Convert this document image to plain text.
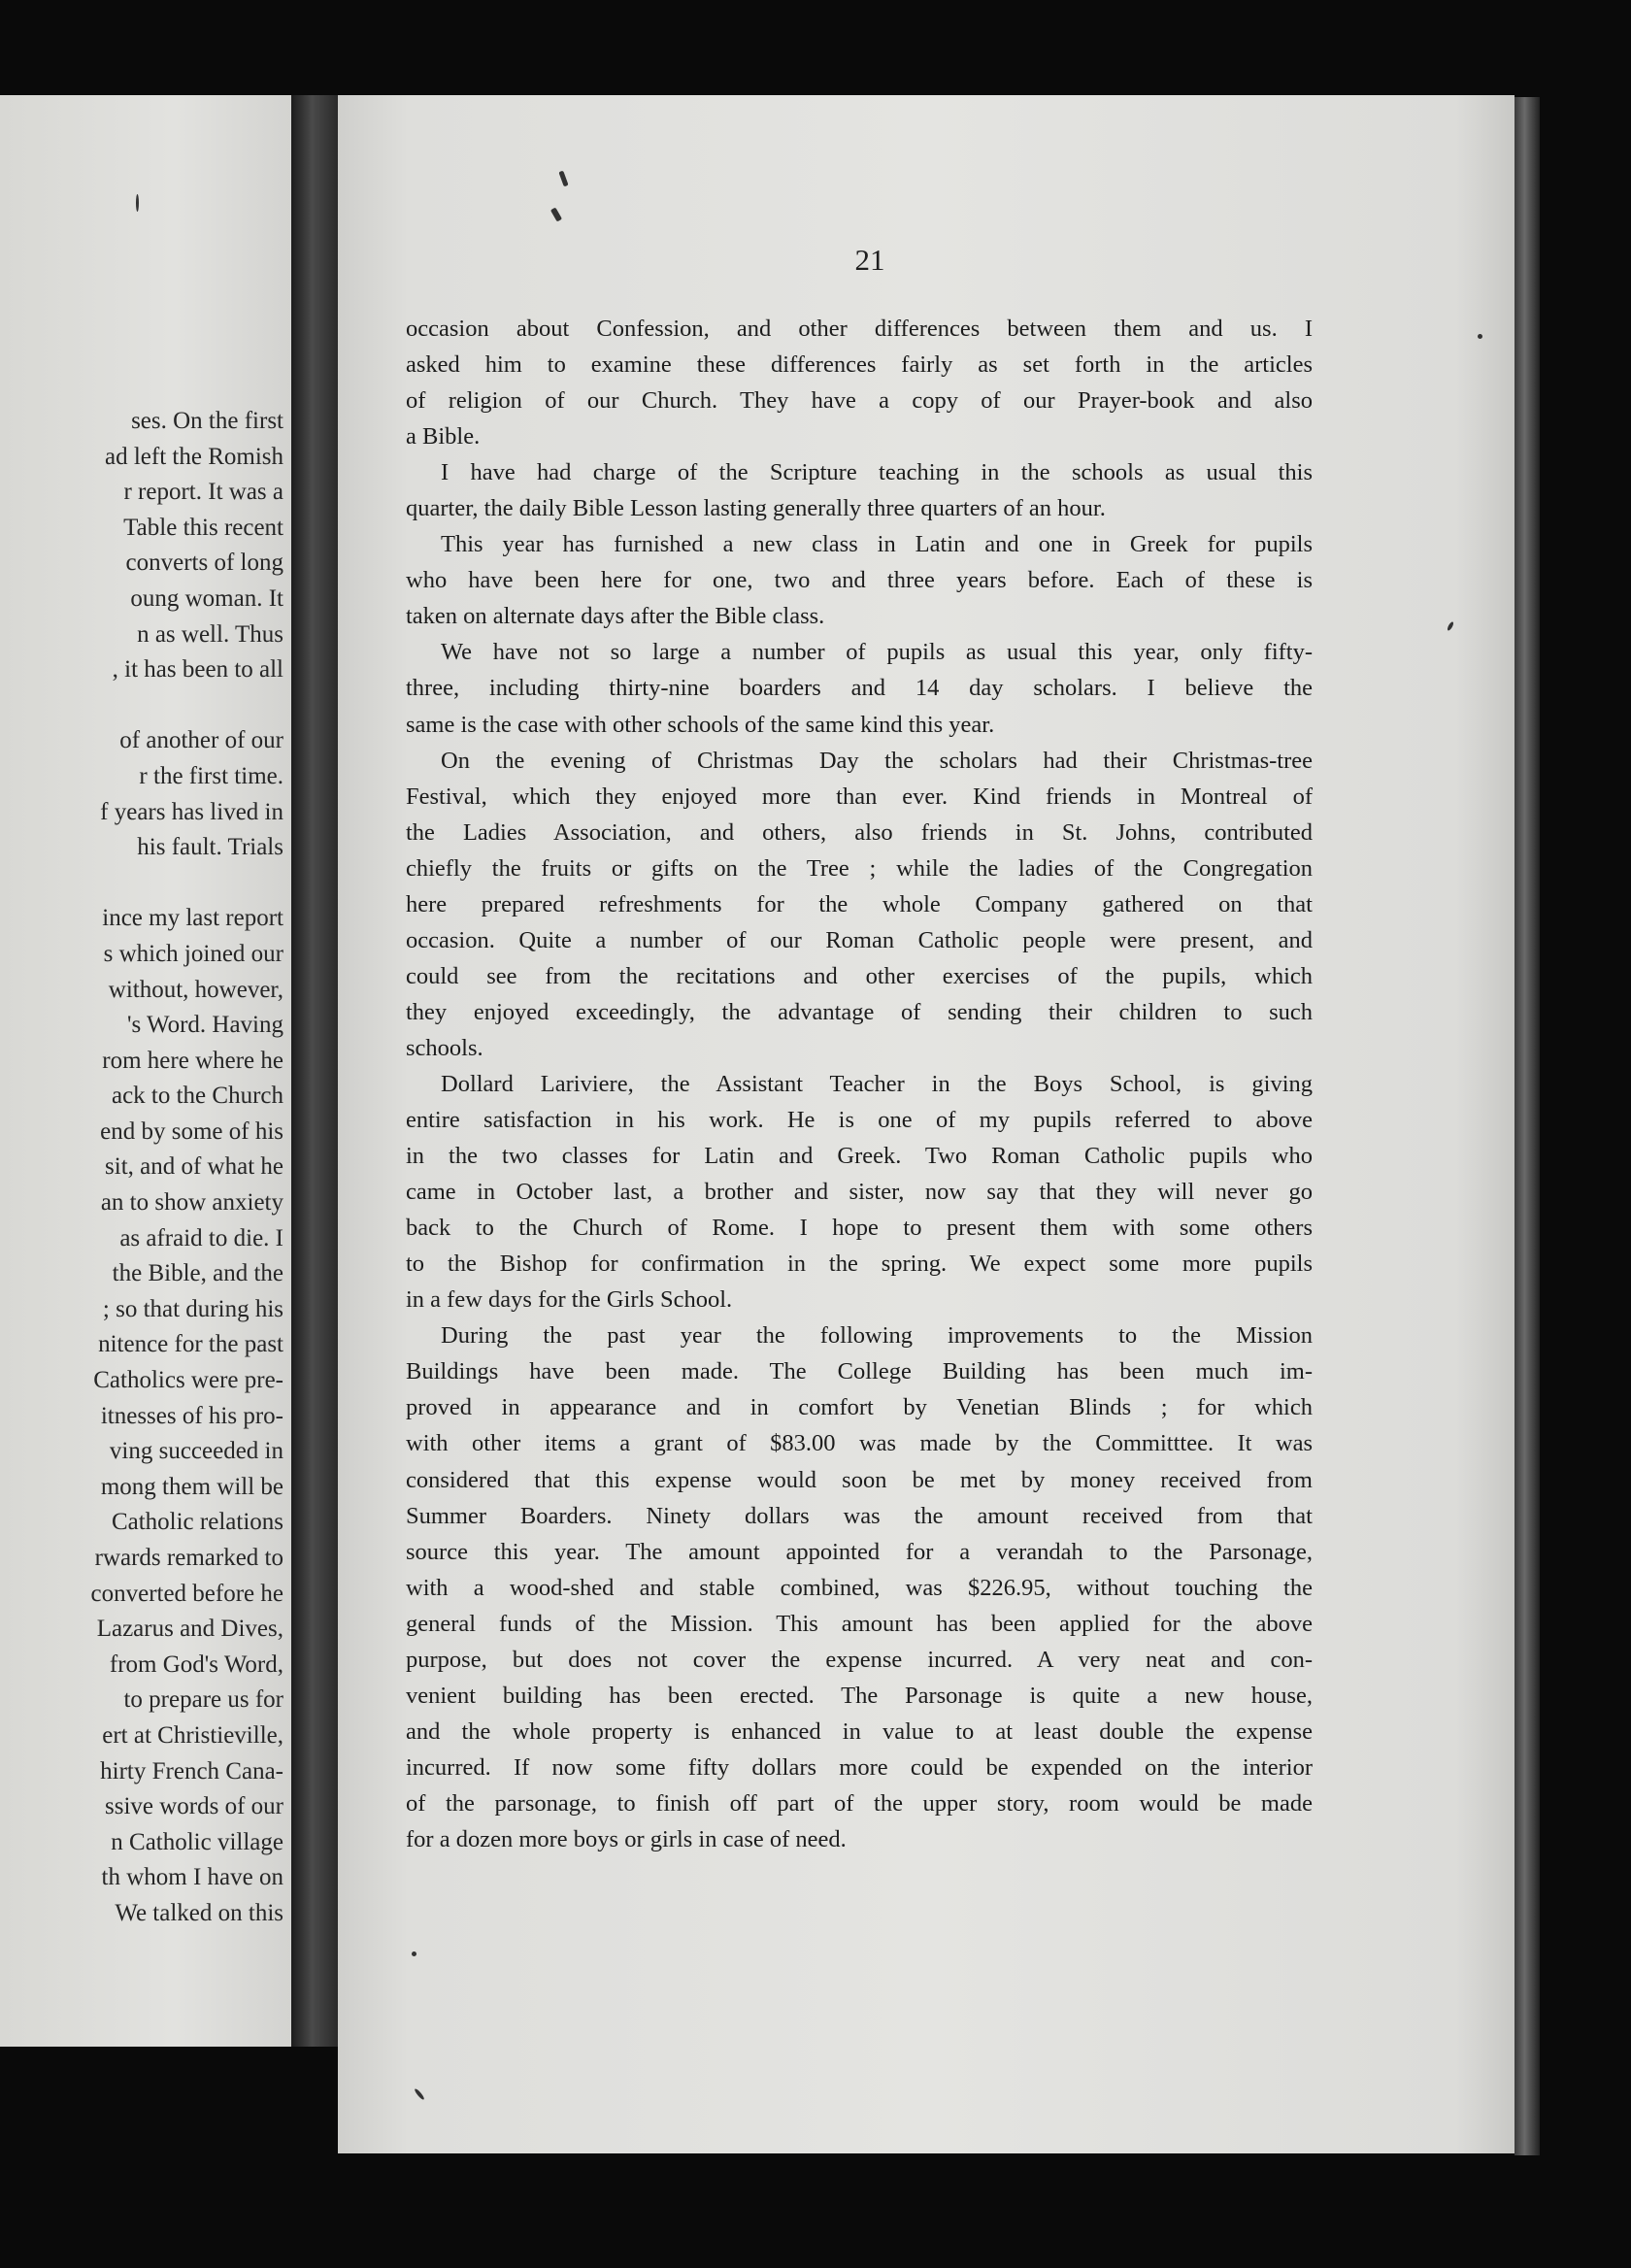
ses. On the first
ad left the Romish
r report. It was a
Table this recent
converts of long
oung woman. It
n as well. Thus
, it has been to all
of another of our
r the first time.
f years has lived in
his fault. Trials
ince my last report
s which joined our
without, however,
's Word. Having
rom here where he
ack to the Church
end by some of his
sit, and of what he
an to show anxiety
as afraid to die. I
the Bible, and the
; so that during his
nitence for the past
Catholics were pre-
itnesses of his pro-
ving succeeded in
mong them will be
Catholic relations
rwards remarked to
converted before he
Lazarus and Dives,
from God's Word,
to prepare us for
ert at Christieville,
hirty French Cana-
ssive words of our
n Catholic village
th whom I have on
We talked on this
21
occasion about Confession, and other differences between them and us. I
asked him to examine these differences fairly as set forth in the articles
of religion of our Church. They have a copy of our Prayer-book and also
a Bible.
I have had charge of the Scripture teaching in the schools as usual this
quarter, the daily Bible Lesson lasting generally three quarters of an hour.
This year has furnished a new class in Latin and one in Greek for pupils
who have been here for one, two and three years before. Each of these is
taken on alternate days after the Bible class.
We have not so large a number of pupils as usual this year, only fifty-
three, including thirty-nine boarders and 14 day scholars. I believe the
same is the case with other schools of the same kind this year.
On the evening of Christmas Day the scholars had their Christmas-tree
Festival, which they enjoyed more than ever. Kind friends in Montreal of
the Ladies Association, and others, also friends in St. Johns, contributed
chiefly the fruits or gifts on the Tree ; while the ladies of the Congregation
here prepared refreshments for the whole Company gathered on that
occasion. Quite a number of our Roman Catholic people were present, and
could see from the recitations and other exercises of the pupils, which
they enjoyed exceedingly, the advantage of sending their children to such
schools.
Dollard Lariviere, the Assistant Teacher in the Boys School, is giving
entire satisfaction in his work. He is one of my pupils referred to above
in the two classes for Latin and Greek. Two Roman Catholic pupils who
came in October last, a brother and sister, now say that they will never go
back to the Church of Rome. I hope to present them with some others
to the Bishop for confirmation in the spring. We expect some more pupils
in a few days for the Girls School.
During the past year the following improvements to the Mission
Buildings have been made. The College Building has been much im-
proved in appearance and in comfort by Venetian Blinds ; for which
with other items a grant of $83.00 was made by the Committtee. It was
considered that this expense would soon be met by money received from
Summer Boarders. Ninety dollars was the amount received from that
source this year. The amount appointed for a verandah to the Parsonage,
with a wood-shed and stable combined, was $226.95, without touching the
general funds of the Mission. This amount has been applied for the above
purpose, but does not cover the expense incurred. A very neat and con-
venient building has been erected. The Parsonage is quite a new house,
and the whole property is enhanced in value to at least double the expense
incurred. If now some fifty dollars more could be expended on the interior
of the parsonage, to finish off part of the upper story, room would be made
for a dozen more boys or girls in case of need.
